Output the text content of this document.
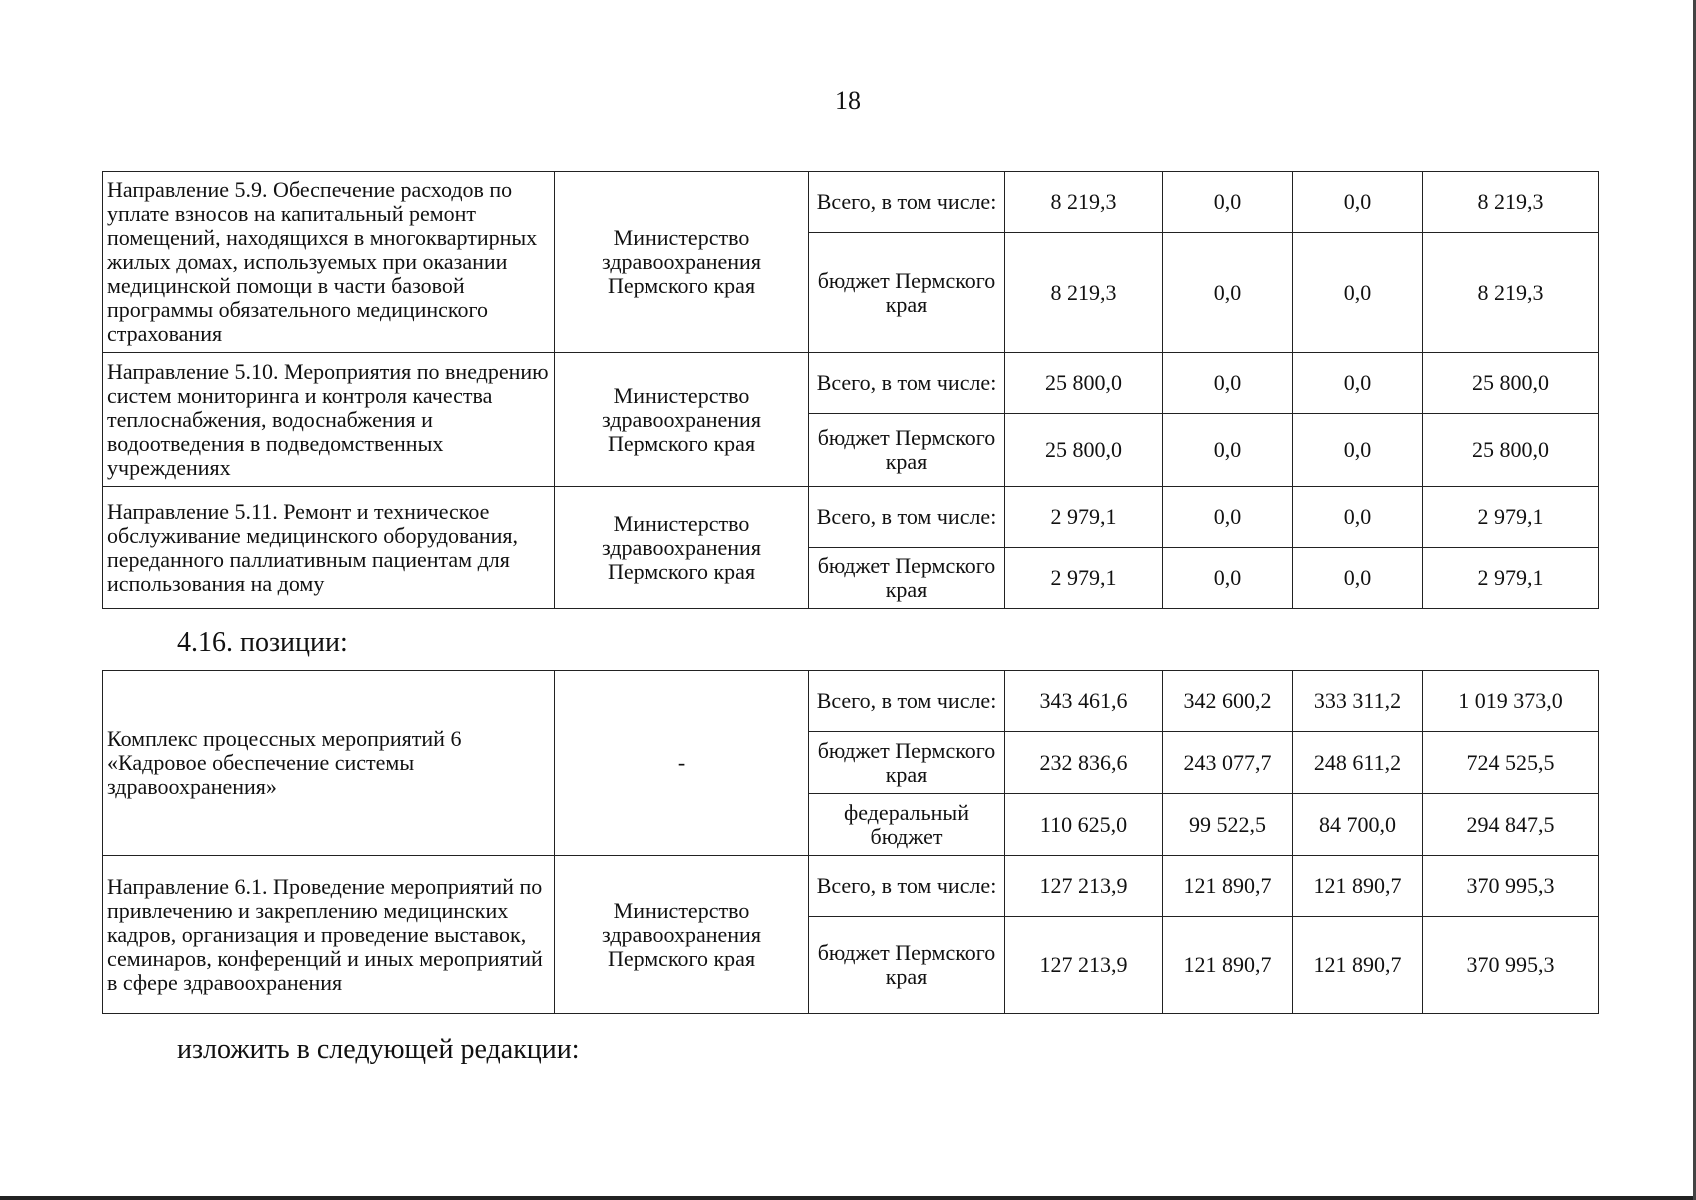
18
Направление 5.9. Обеспечение расходов по уплате взносов на капитальный ремонт помещений, находящихся в многоквартирных жилых домах, используемых при оказании медицинской помощи в части базовой программы обязательного медицинского страхования	Министерство здравоохранения Пермского края	Всего, в том числе:	8 219,3	0,0	0,0	8 219,3
		бюджет Пермского края	8 219,3	0,0	0,0	8 219,3
Направление 5.10. Мероприятия по внедрению систем мониторинга и контроля качества теплоснабжения, водоснабжения и водоотведения в подведомственных учреждениях	Министерство здравоохранения Пермского края	Всего, в том числе:	25 800,0	0,0	0,0	25 800,0
		бюджет Пермского края	25 800,0	0,0	0,0	25 800,0
Направление 5.11. Ремонт и техническое обслуживание медицинского оборудования, переданного паллиативным пациентам для использования на дому	Министерство здравоохранения Пермского края	Всего, в том числе:	2 979,1	0,0	0,0	2 979,1
		бюджет Пермского края	2 979,1	0,0	0,0	2 979,1
4.16. позиции:
Комплекс процессных мероприятий 6 «Кадровое обеспечение системы здравоохранения»	-	Всего, в том числе:	343 461,6	342 600,2	333 311,2	1 019 373,0
		бюджет Пермского края	232 836,6	243 077,7	248 611,2	724 525,5
		федеральный бюджет	110 625,0	99 522,5	84 700,0	294 847,5
Направление 6.1. Проведение мероприятий по привлечению и закреплению медицинских кадров, организация и проведение выставок, семинаров, конференций и иных мероприятий в сфере здравоохранения	Министерство здравоохранения Пермского края	Всего, в том числе:	127 213,9	121 890,7	121 890,7	370 995,3
		бюджет Пермского края	127 213,9	121 890,7	121 890,7	370 995,3
изложить в следующей редакции:
